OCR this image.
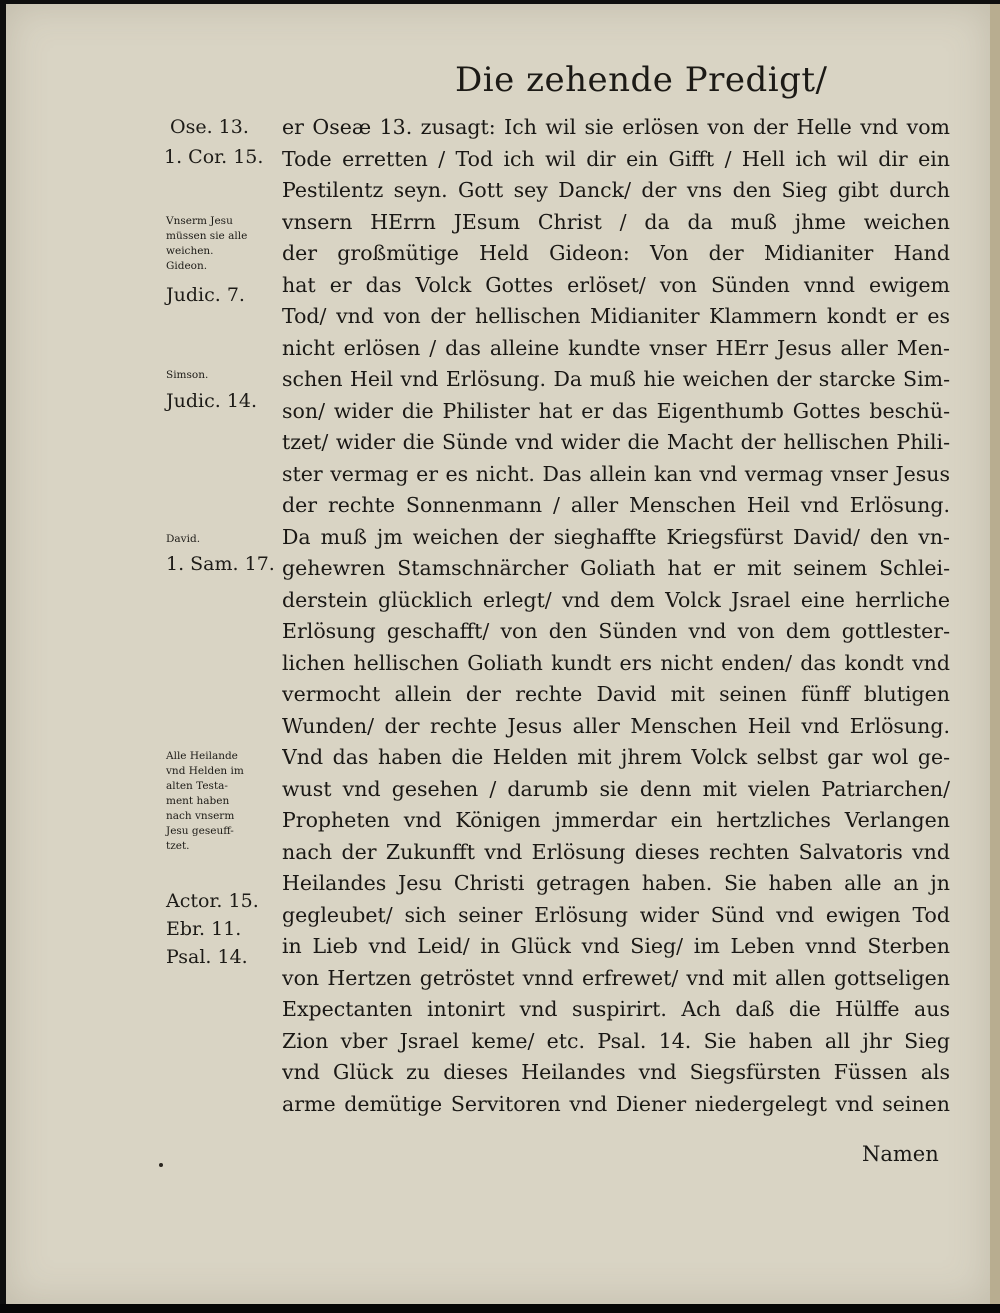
Die zehende Predigt/
Ose. 13.
1. Cor. 15.
Vnserm Jesu
müssen sie alle
weichen.
Gideon.
Judic. 7.
Simson.
Judic. 14.
David.
1. Sam. 17.
Alle Heilande
vnd Helden im
alten Testa-
ment haben
nach vnserm
Jesu geseuff-
tzet.
Actor. 15.
Ebr. 11.
Psal. 14.
er Oseæ 13. zusagt: Ich wil sie erlösen von der Helle vnd vom
Tode erretten / Tod ich wil dir ein Gifft / Hell ich wil dir ein
Pestilentz seyn. Gott sey Danck/ der vns den Sieg gibt durch
vnsern HErrn JEsum Christ / da da muß jhme weichen
der großmütige Held Gideon: Von der Midianiter Hand
hat er das Volck Gottes erlöset/ von Sünden vnnd ewigem
Tod/ vnd von der hellischen Midianiter Klammern kondt er es
nicht erlösen / das alleine kundte vnser HErr Jesus aller Men-
schen Heil vnd Erlösung. Da muß hie weichen der starcke Sim-
son/ wider die Philister hat er das Eigenthumb Gottes beschü-
tzet/ wider die Sünde vnd wider die Macht der hellischen Phili-
ster vermag er es nicht. Das allein kan vnd vermag vnser Jesus
der rechte Sonnenmann / aller Menschen Heil vnd Erlösung.
Da muß jm weichen der sieghaffte Kriegsfürst David/ den vn-
gehewren Stamschnärcher Goliath hat er mit seinem Schlei-
derstein glücklich erlegt/ vnd dem Volck Jsrael eine herrliche
Erlösung geschafft/ von den Sünden vnd von dem gottlester-
lichen hellischen Goliath kundt ers nicht enden/ das kondt vnd
vermocht allein der rechte David mit seinen fünff blutigen
Wunden/ der rechte Jesus aller Menschen Heil vnd Erlösung.
Vnd das haben die Helden mit jhrem Volck selbst gar wol ge-
wust vnd gesehen / darumb sie denn mit vielen Patriarchen/
Propheten vnd Königen jmmerdar ein hertzliches Verlangen
nach der Zukunfft vnd Erlösung dieses rechten Salvatoris vnd
Heilandes Jesu Christi getragen haben. Sie haben alle an jn
gegleubet/ sich seiner Erlösung wider Sünd vnd ewigen Tod
in Lieb vnd Leid/ in Glück vnd Sieg/ im Leben vnnd Sterben
von Hertzen getröstet vnnd erfrewet/ vnd mit allen gottseligen
Expectanten intonirt vnd suspirirt. Ach daß die Hülffe aus
Zion vber Jsrael keme/ etc. Psal. 14. Sie haben all jhr Sieg
vnd Glück zu dieses Heilandes vnd Siegsfürsten Füssen als
arme demütige Servitoren vnd Diener niedergelegt vnd seinen
Namen
